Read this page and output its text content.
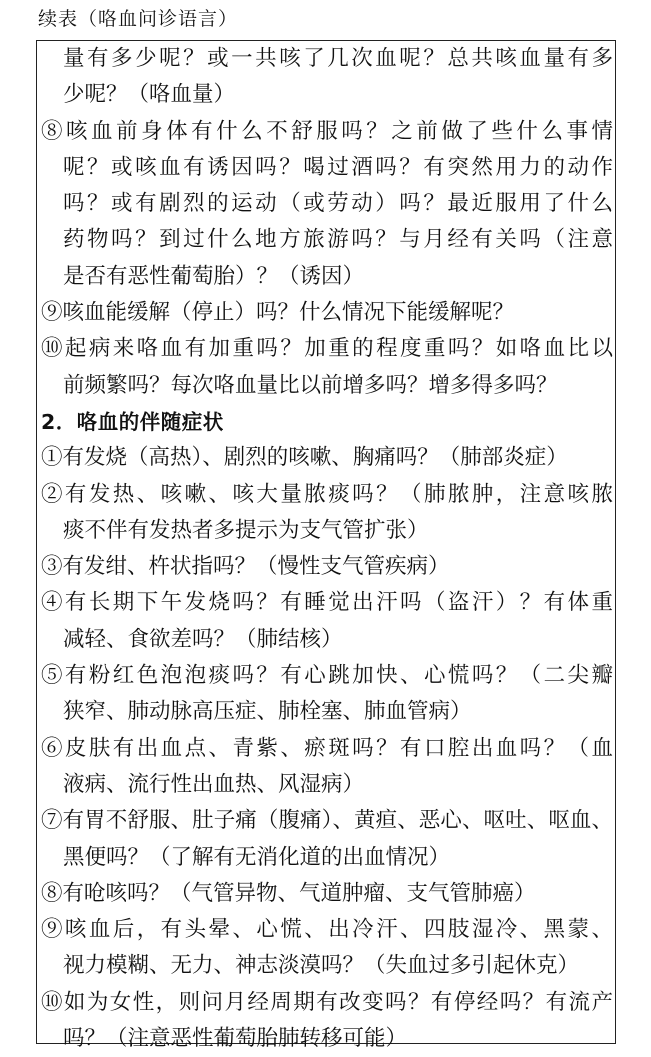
续表（咯血问诊语言）
量有多少呢？或一共咳了几次血呢？总共咳血量有多
少呢？（咯血量）
⑧咳血前身体有什么不舒服吗？之前做了些什么事情
呢？或咳血有诱因吗？喝过酒吗？有突然用力的动作
吗？或有剧烈的运动（或劳动）吗？最近服用了什么
药物吗？到过什么地方旅游吗？与月经有关吗（注意
是否有恶性葡萄胎）？（诱因）
⑨咳血能缓解（停止）吗？什么情况下能缓解呢？
⑩起病来咯血有加重吗？加重的程度重吗？如咯血比以
前频繁吗？每次咯血量比以前增多吗？增多得多吗？
2．咯血的伴随症状
①有发烧（高热）、剧烈的咳嗽、胸痛吗？（肺部炎症）
②有发热、咳嗽、咳大量脓痰吗？（肺脓肿，注意咳脓
痰不伴有发热者多提示为支气管扩张）
③有发绀、杵状指吗？（慢性支气管疾病）
④有长期下午发烧吗？有睡觉出汗吗（盗汗）？有体重
减轻、食欲差吗？（肺结核）
⑤有粉红色泡泡痰吗？有心跳加快、心慌吗？（二尖瓣
狭窄、肺动脉高压症、肺栓塞、肺血管病）
⑥皮肤有出血点、青紫、瘀斑吗？有口腔出血吗？（血
液病、流行性出血热、风湿病）
⑦有胃不舒服、肚子痛（腹痛）、黄疸、恶心、呕吐、呕血、
黑便吗？（了解有无消化道的出血情况）
⑧有呛咳吗？（气管异物、气道肿瘤、支气管肺癌）
⑨咳血后，有头晕、心慌、出冷汗、四肢湿冷、黑蒙、
视力模糊、无力、神志淡漠吗？（失血过多引起休克）
⑩如为女性，则问月经周期有改变吗？有停经吗？有流产
吗？（注意恶性葡萄胎肺转移可能）
